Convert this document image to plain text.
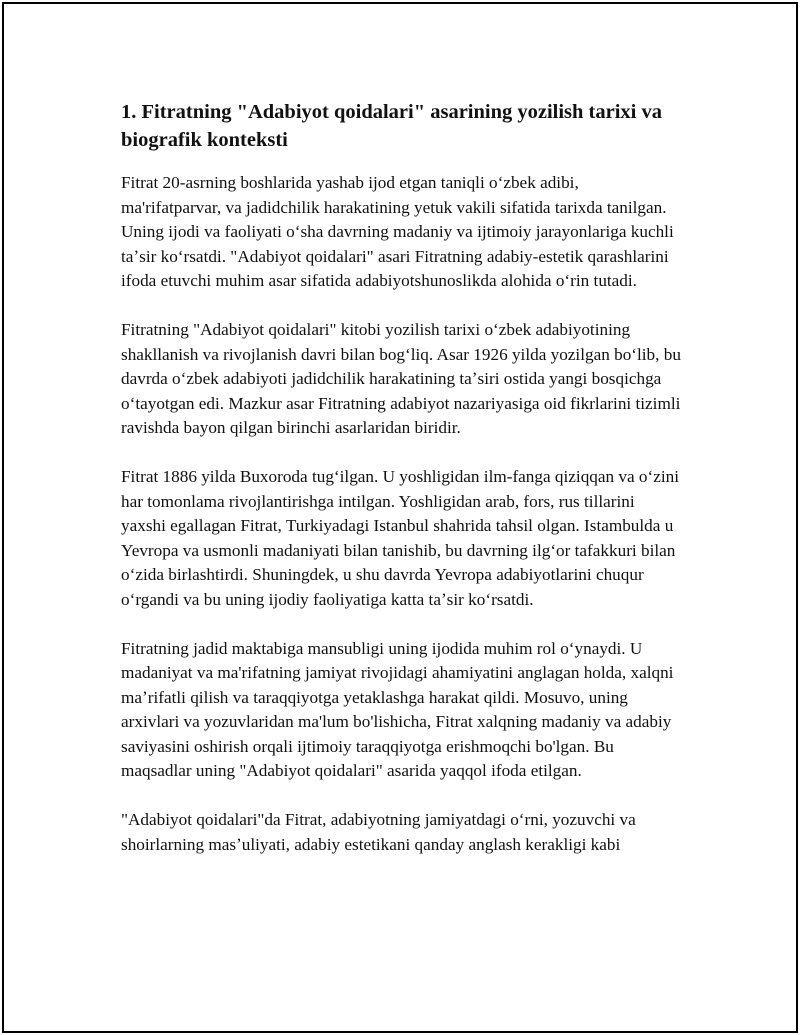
1. Fitratning "Adabiyot qoidalari" asarining yozilish tarixi va biografik konteksti

Fitrat 20-asrning boshlarida yashab ijod etgan taniqli oʻzbek adibi, ma'rifatparvar, va jadidchilik harakatining yetuk vakili sifatida tarixda tanilgan. Uning ijodi va faoliyati oʻsha davrning madaniy va ijtimoiy jarayonlariga kuchli taʼsir koʻrsatdi. "Adabiyot qoidalari" asari Fitratning adabiy-estetik qarashlarini ifoda etuvchi muhim asar sifatida adabiyotshunoslikda alohida oʻrin tutadi.

Fitratning "Adabiyot qoidalari" kitobi yozilish tarixi oʻzbek adabiyotining shakllanish va rivojlanish davri bilan bogʻliq. Asar 1926 yilda yozilgan boʻlib, bu davrda oʻzbek adabiyoti jadidchilik harakatining taʼsiri ostida yangi bosqichga oʻtayotgan edi. Mazkur asar Fitratning adabiyot nazariyasiga oid fikrlarini tizimli ravishda bayon qilgan birinchi asarlaridan biridir.

Fitrat 1886 yilda Buxoroda tugʻilgan. U yoshligidan ilm-fanga qiziqqan va oʻzini har tomonlama rivojlantirishga intilgan. Yoshligidan arab, fors, rus tillarini yaxshi egallagan Fitrat, Turkiyadagi Istanbul shahrida tahsil olgan. Istambulda u Yevropa va usmonli madaniyati bilan tanishib, bu davrning ilgʻor tafakkuri bilan oʻzida birlashtirdi. Shuningdek, u shu davrda Yevropa adabiyotlarini chuqur oʻrgandi va bu uning ijodiy faoliyatiga katta taʼsir koʻrsatdi.

Fitratning jadid maktabiga mansubligi uning ijodida muhim rol oʻynaydi. U madaniyat va ma'rifatning jamiyat rivojidagi ahamiyatini anglagan holda, xalqni maʼrifatli qilish va taraqqiyotga yetaklashga harakat qildi. Mosuvo, uning arxivlari va yozuvlaridan ma'lum bo'lishicha, Fitrat xalqning madaniy va adabiy saviyasini oshirish orqali ijtimoiy taraqqiyotga erishmoqchi bo'lgan. Bu maqsadlar uning "Adabiyot qoidalari" asarida yaqqol ifoda etilgan.

"Adabiyot qoidalari"da Fitrat, adabiyotning jamiyatdagi oʻrni, yozuvchi va shoirlarning masʼuliyati, adabiy estetikani qanday anglash kerakligi kabi
